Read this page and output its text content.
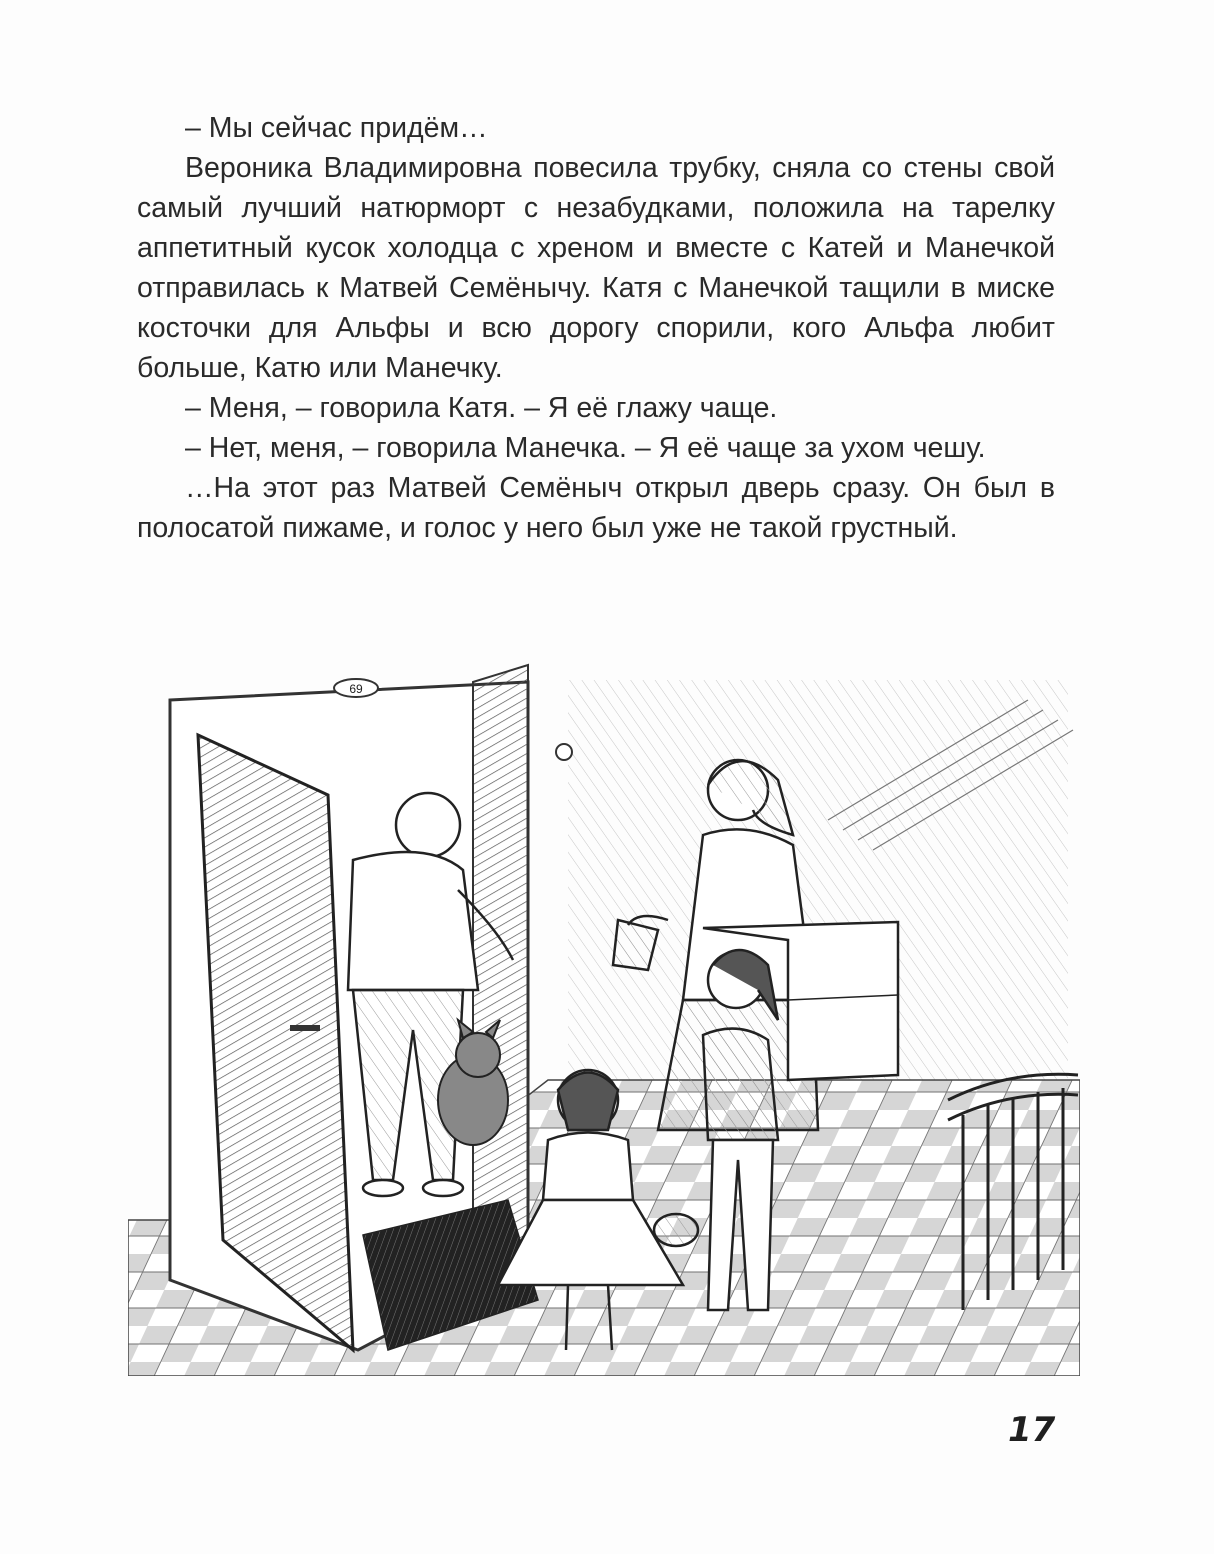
– Мы сейчас придём…

Вероника Владимировна повесила трубку, сняла со стены свой самый лучший натюрморт с незабудками, положила на тарелку аппетитный кусок холодца с хреном и вместе с Катей и Манечкой отправилась к Матвей Семёнычу. Катя с Манечкой тащили в миске косточки для Альфы и всю дорогу спорили, кого Альфа любит больше, Катю или Манечку.

– Меня, – говорила Катя. – Я её глажу чаще.

– Нет, меня, – говорила Манечка. – Я её чаще за ухом чешу.

…На этот раз Матвей Семёныч открыл дверь сразу. Он был в полосатой пижаме, и голос у него был уже не такой грустный.

69
17
